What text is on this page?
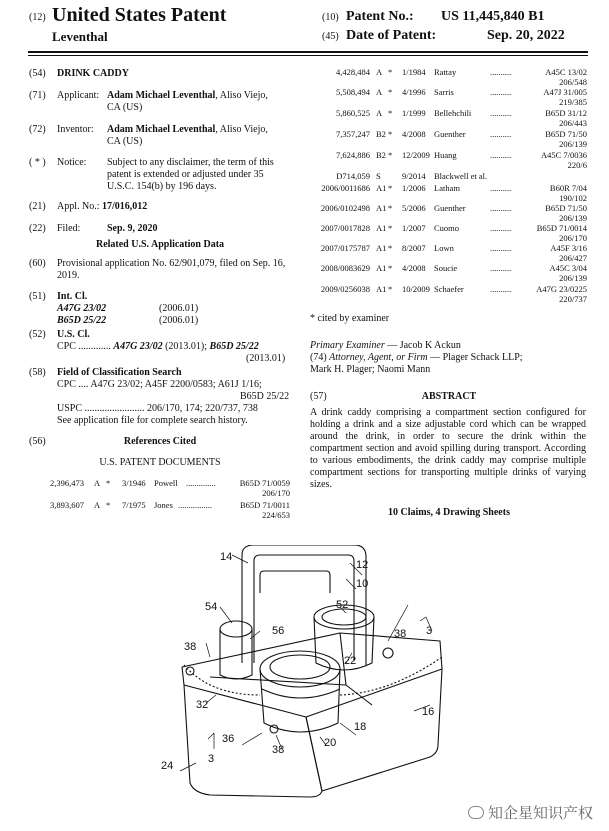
(12) United States Patent
Leventhal
(10) Patent No.: US 11,445,840 B1
(45) Date of Patent:	Sep. 20, 2022
(54) DRINK CADDY
(71) Applicant: Adam Michael Leventhal, Aliso Viejo,
CA (US)
(72) Inventor: Adam Michael Leventhal, Aliso Viejo,
CA (US)
( * ) Notice: Subject to any disclaimer, the term of this patent is extended or adjusted under 35 U.S.C. 154(b) by 196 days.
(21) Appl. No.: 17/016,012
(22) Filed:	Sep. 9, 2020
Related U.S. Application Data
(60) Provisional application No. 62/901,079, filed on Sep. 16, 2019.
(51) Int. Cl.
A47G 23/02	(2006.01)
B65D 25/22	(2006.01)
(52) U.S. Cl.
CPC ............. A47G 23/02 (2013.01); B65D 25/22
(2013.01)
(58) Field of Classification Search
CPC .... A47G 23/02; A45F 2200/0583; A61J 1/16;
B65D 25/22
USPC ........................ 206/170, 174; 220/737, 738
See application file for complete search history.
(56)	References Cited
U.S. PATENT DOCUMENTS
2,396,473 A * 3/1946 Powell ..............	B65D 71/0059
206/170
3,893,607 A * 7/1975 Jones ................	B65D 71/0011
224/653
4,428,484 A * 1/1984 Rattay	..........	A45C 13/02
206/548
5,508,494 A * 4/1996 Sarris	..........	A47J 31/005
219/385
5,860,525 A * 1/1999 Bellehchili ..........	B65D 31/12
206/443
7,357,247 B2 * 4/2008 Guenther	..........	B65D 71/50
206/139
7,624,886 B2 * 12/2009 Huang	..........	A45C 7/0036
220/6
D714,059 S	9/2014 Blackwell et al.
2006/0011686 A1 * 1/2006 Latham	..........	B60R 7/04
190/102
2006/0102498 A1 * 5/2006 Guenther	..........	B65D 71/50
206/139
2007/0017828 A1 * 1/2007 Cuomo	..........	B65D 71/0014
206/170
2007/0175787 A1 * 8/2007 Lown	..........	A45F 3/16
206/427
2008/0083629 A1 * 4/2008 Soucie	..........	A45C 3/04
206/139
2009/0256038 A1 * 10/2009 Schaefer	..........	A47G 23/0225
220/737
* cited by examiner
Primary Examiner — Jacob K Ackun
(74) Attorney, Agent, or Firm — Plager Schack LLP;
Mark H. Plager; Naomi Mann
(57)	ABSTRACT
A drink caddy comprising a compartment section configured for holding a drink and a size adjustable cord which can be wrapped around the drink, in order to secure the drink within the compartment section and avoid spilling during transport. According to various embodiments, the drink caddy may comprise multiple compartment sections for transporting multiple drinks of varying sizes.
10 Claims, 4 Drawing Sheets
14
12
10
54	52
56	38
38
3
22
16
32
18
36	20
38
3
24
知企星知识产权
